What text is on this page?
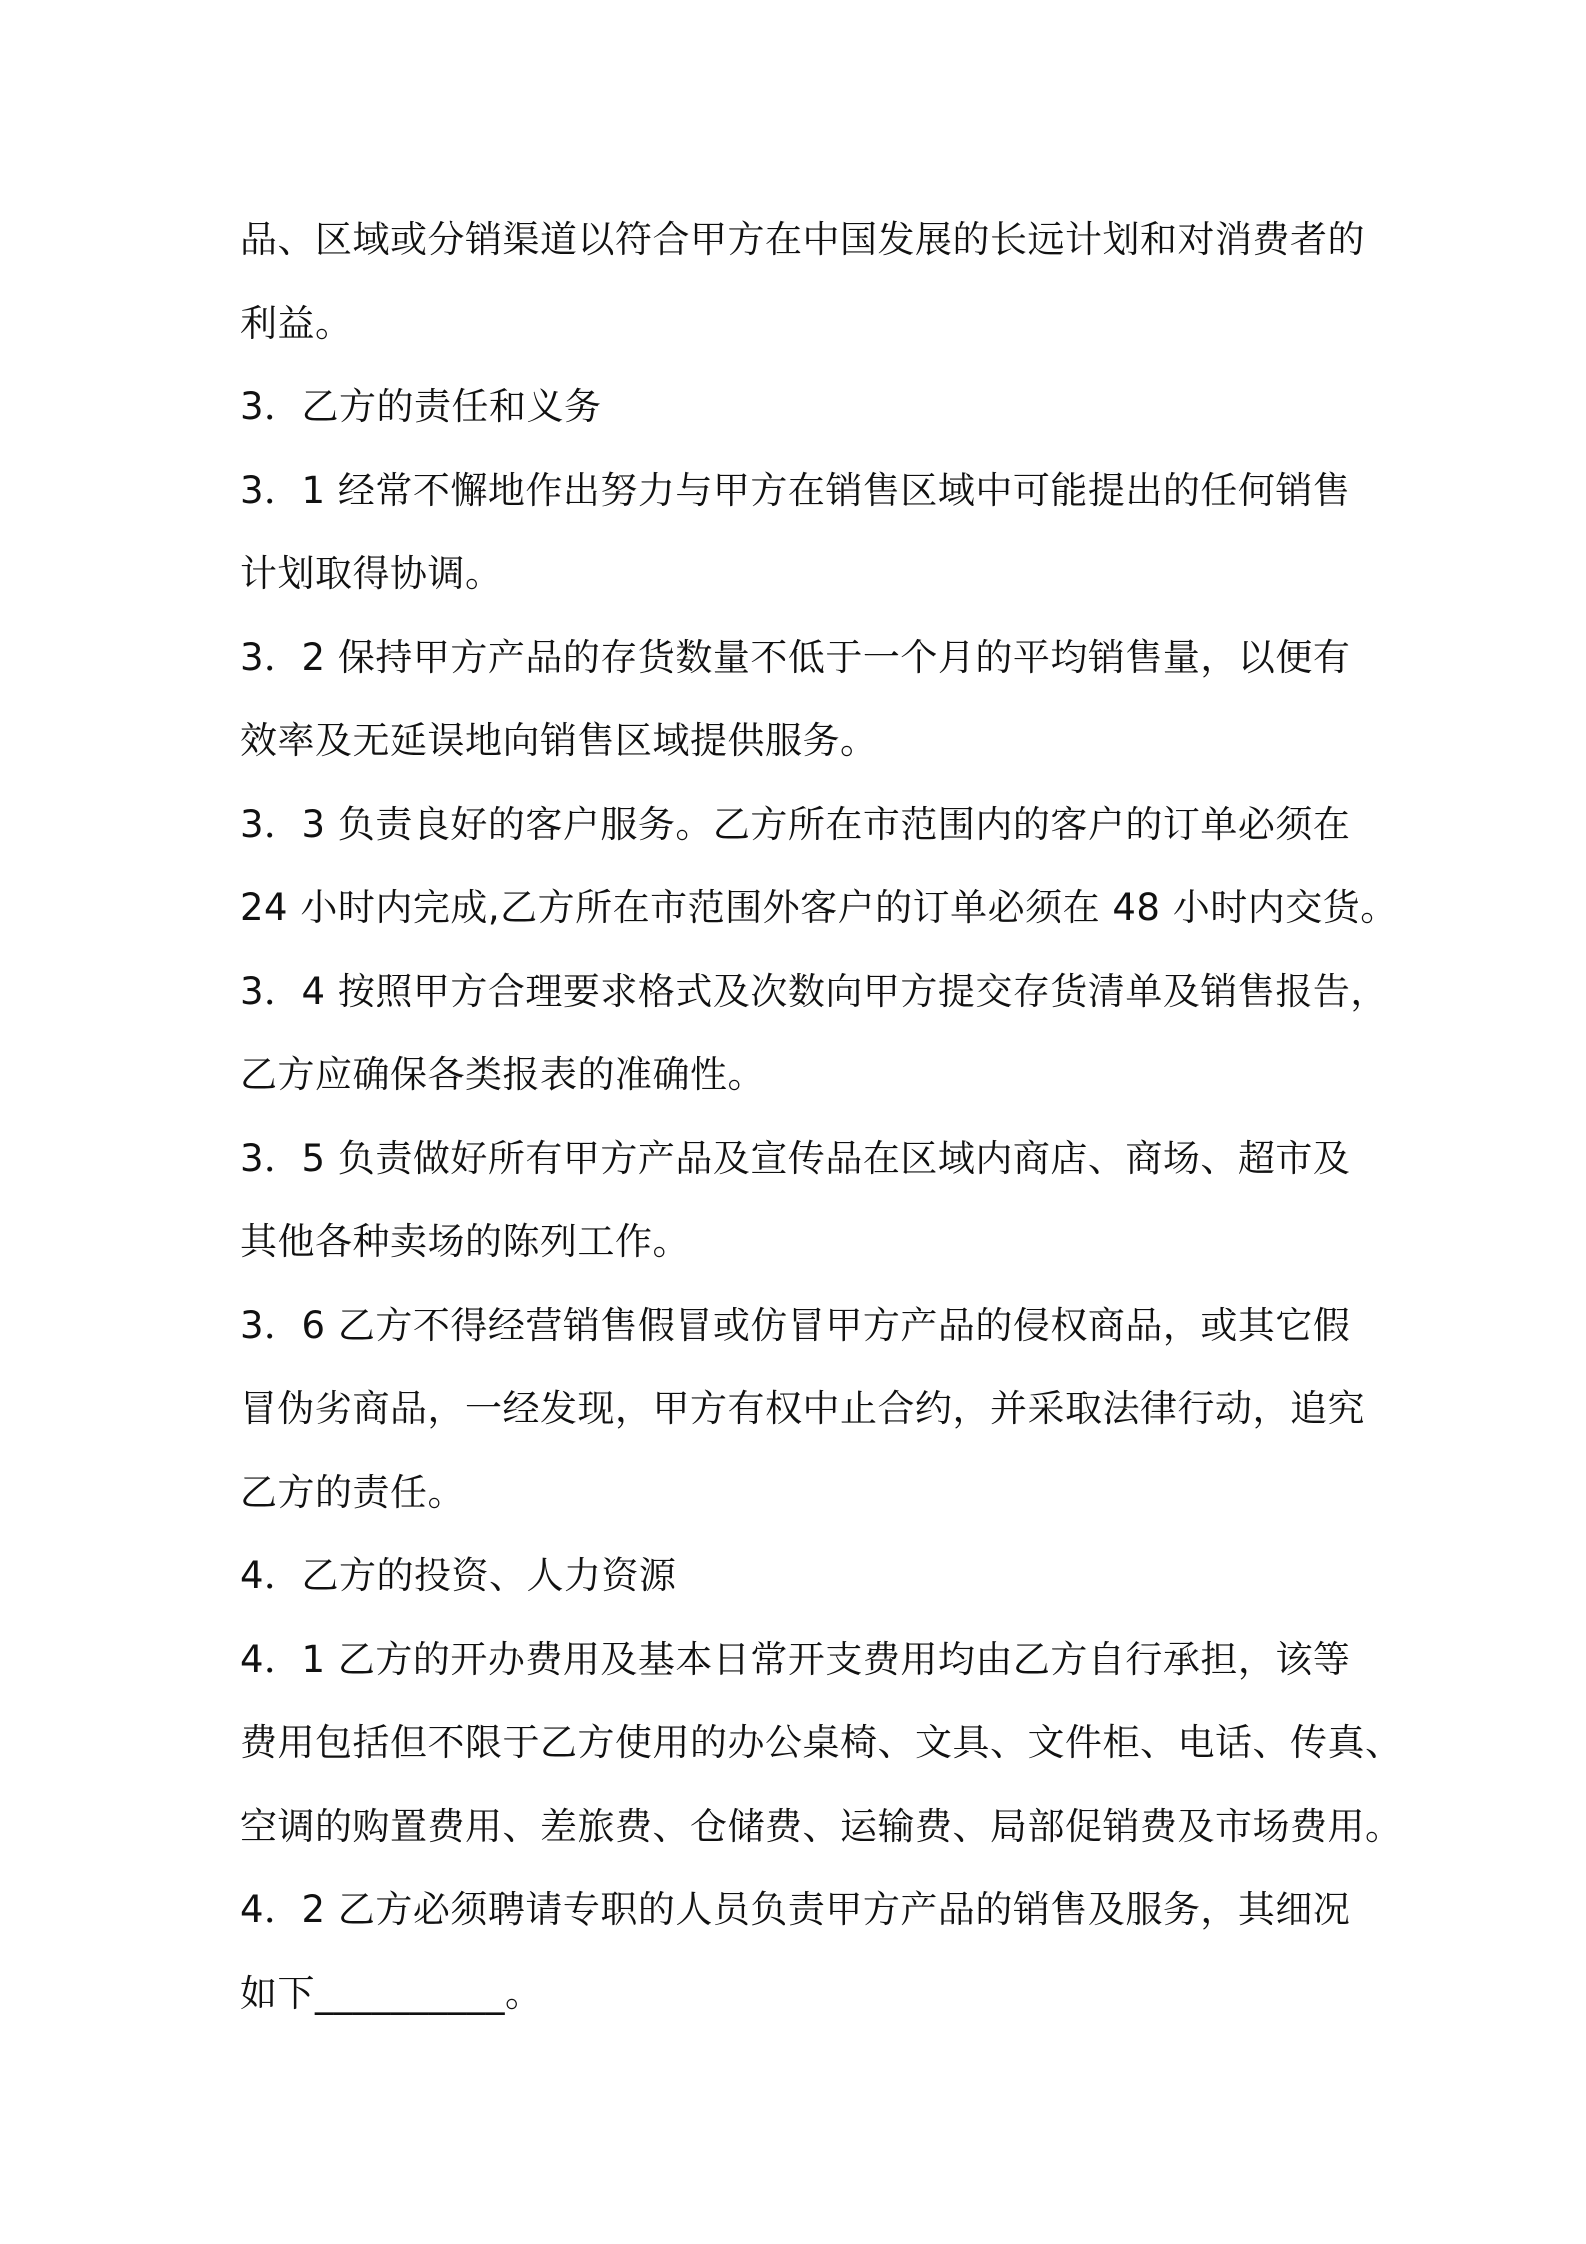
品、区域或分销渠道以符合甲方在中国发展的长远计划和对消费者的
利益。
3．乙方的责任和义务
3．1 经常不懈地作出努力与甲方在销售区域中可能提出的任何销售
计划取得协调。
3．2 保持甲方产品的存货数量不低于一个月的平均销售量，以便有
效率及无延误地向销售区域提供服务。
3．3 负责良好的客户服务。乙方所在市范围内的客户的订单必须在
24 小时内完成,乙方所在市范围外客户的订单必须在 48 小时内交货。
3．4 按照甲方合理要求格式及次数向甲方提交存货清单及销售报告，
乙方应确保各类报表的准确性。
3．5 负责做好所有甲方产品及宣传品在区域内商店、商场、超市及
其他各种卖场的陈列工作。
3．6 乙方不得经营销售假冒或仿冒甲方产品的侵权商品，或其它假
冒伪劣商品，一经发现，甲方有权中止合约，并采取法律行动，追究
乙方的责任。
4．乙方的投资、人力资源
4．1 乙方的开办费用及基本日常开支费用均由乙方自行承担，该等
费用包括但不限于乙方使用的办公桌椅、文具、文件柜、电话、传真、
空调的购置费用、差旅费、仓储费、运输费、局部促销费及市场费用。
4．2 乙方必须聘请专职的人员负责甲方产品的销售及服务，其细况
如下__________。
